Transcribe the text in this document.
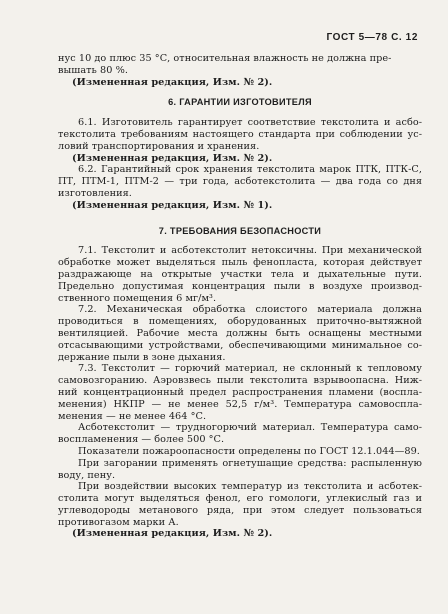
ГОСТ 5—78 С. 12

нус 10 до плюс 35 °С, относительная влажность не должна пре-
вышать 80 %.

(Измененная редакция, Изм. № 2).

6. ГАРАНТИИ ИЗГОТОВИТЕЛЯ

6.1. Изготовитель гарантирует соответствие текстолита и асботекстолита требованиям настоящего стандарта при соблюдении условий транспортирования и хранения.

(Измененная редакция, Изм. № 2).

6.2. Гарантийный срок хранения текстолита марок ПТК, ПТК-С, ПТ, ПТМ-1, ПТМ-2 — три года, асботекстолита — два года со дня изготовления.

(Измененная редакция, Изм. № 1).

7. ТРЕБОВАНИЯ БЕЗОПАСНОСТИ

7.1. Текстолит и асботекстолит нетоксичны. При механической обработке может выделяться пыль фенопласта, которая действует раздражающе на открытые участки тела и дыхательные пути. Предельно допустимая концентрация пыли в воздухе производственного помещения 6 мг/м³.

7.2. Механическая обработка слоистого материала должна проводиться в помещениях, оборудованных приточно-вытяжной вентиляцией. Рабочие места должны быть оснащены местными отсасывающими устройствами, обеспечивающими минимальное содержание пыли в зоне дыхания.

7.3. Текстолит — горючий материал, не склонный к тепловому самовозгоранию. Аэровзвесь пыли текстолита взрывоопасна. Нижний концентрационный предел распространения пламени (воспламенения) НКПР — не менее 52,5 г/м³. Температура самовоспламенения — не менее 464 °С.

Асботекстолит — трудногорючий материал. Температура самовоспламенения — более 500 °С.

Показатели пожароопасности определены по ГОСТ 12.1.044—89.

При загорании применять огнетушащие средства: распыленную воду, пену.

При воздействии высоких температур из текстолита и асботекстолита могут выделяться фенол, его гомологи, углекислый газ и углеводороды метанового ряда, при этом следует пользоваться противогазом марки А.

(Измененная редакция, Изм. № 2).
